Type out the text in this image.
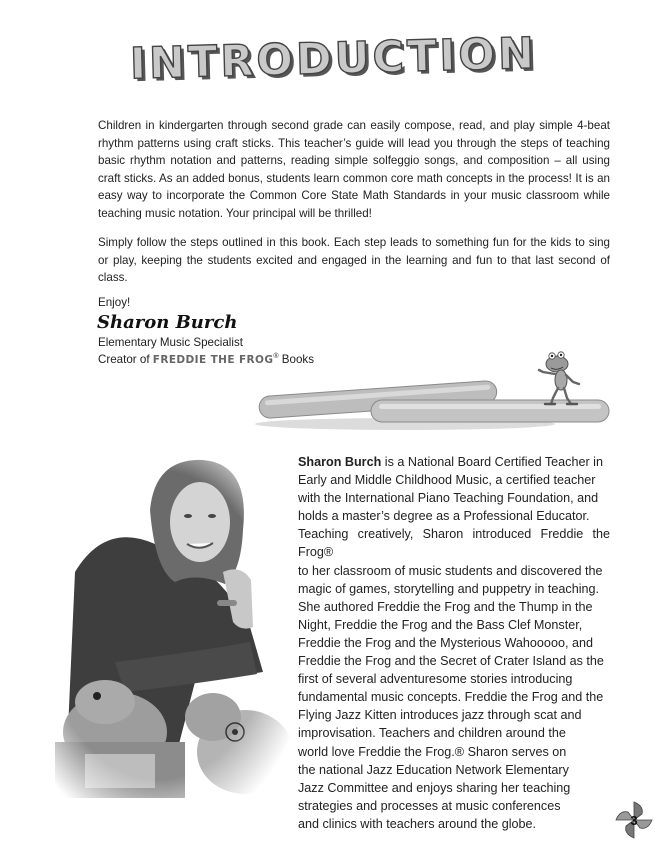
INTRODUCTION

Children in kindergarten through second grade can easily compose, read, and play simple 4-beat rhythm patterns using craft sticks. This teacher’s guide will lead you through the steps of teaching basic rhythm notation and patterns, reading simple solfeggio songs, and composition – all using craft sticks. As an added bonus, students learn common core math concepts in the process! It is an easy way to incorporate the Common Core State Math Standards in your music classroom while teaching music notation. Your principal will be thrilled!

Simply follow the steps outlined in this book. Each step leads to something fun for the kids to sing or play, keeping the students excited and engaged in the learning and fun to that last second of class.

Enjoy!
Sharon Burch
Elementary Music Specialist
Creator of FREDDIE THE FROG® Books

Sharon Burch is a National Board Certified Teacher in
Early and Middle Childhood Music, a certified teacher
with the International Piano Teaching Foundation, and
holds a master’s degree as a Professional Educator.
Teaching creatively, Sharon introduced Freddie the Frog®
to her classroom of music students and discovered the
magic of games, storytelling and puppetry in teaching.
She authored Freddie the Frog and the Thump in the
Night, Freddie the Frog and the Bass Clef Monster,
Freddie the Frog and the Mysterious Wahooooo, and
Freddie the Frog and the Secret of Crater Island as the
first of several adventuresome stories introducing
fundamental music concepts. Freddie the Frog and the
Flying Jazz Kitten introduces jazz through scat and
improvisation. Teachers and children around the
world love Freddie the Frog.® Sharon serves on
the national Jazz Education Network Elementary
Jazz Committee and enjoys sharing her teaching
strategies and processes at music conferences
and clinics with teachers around the globe.	3
